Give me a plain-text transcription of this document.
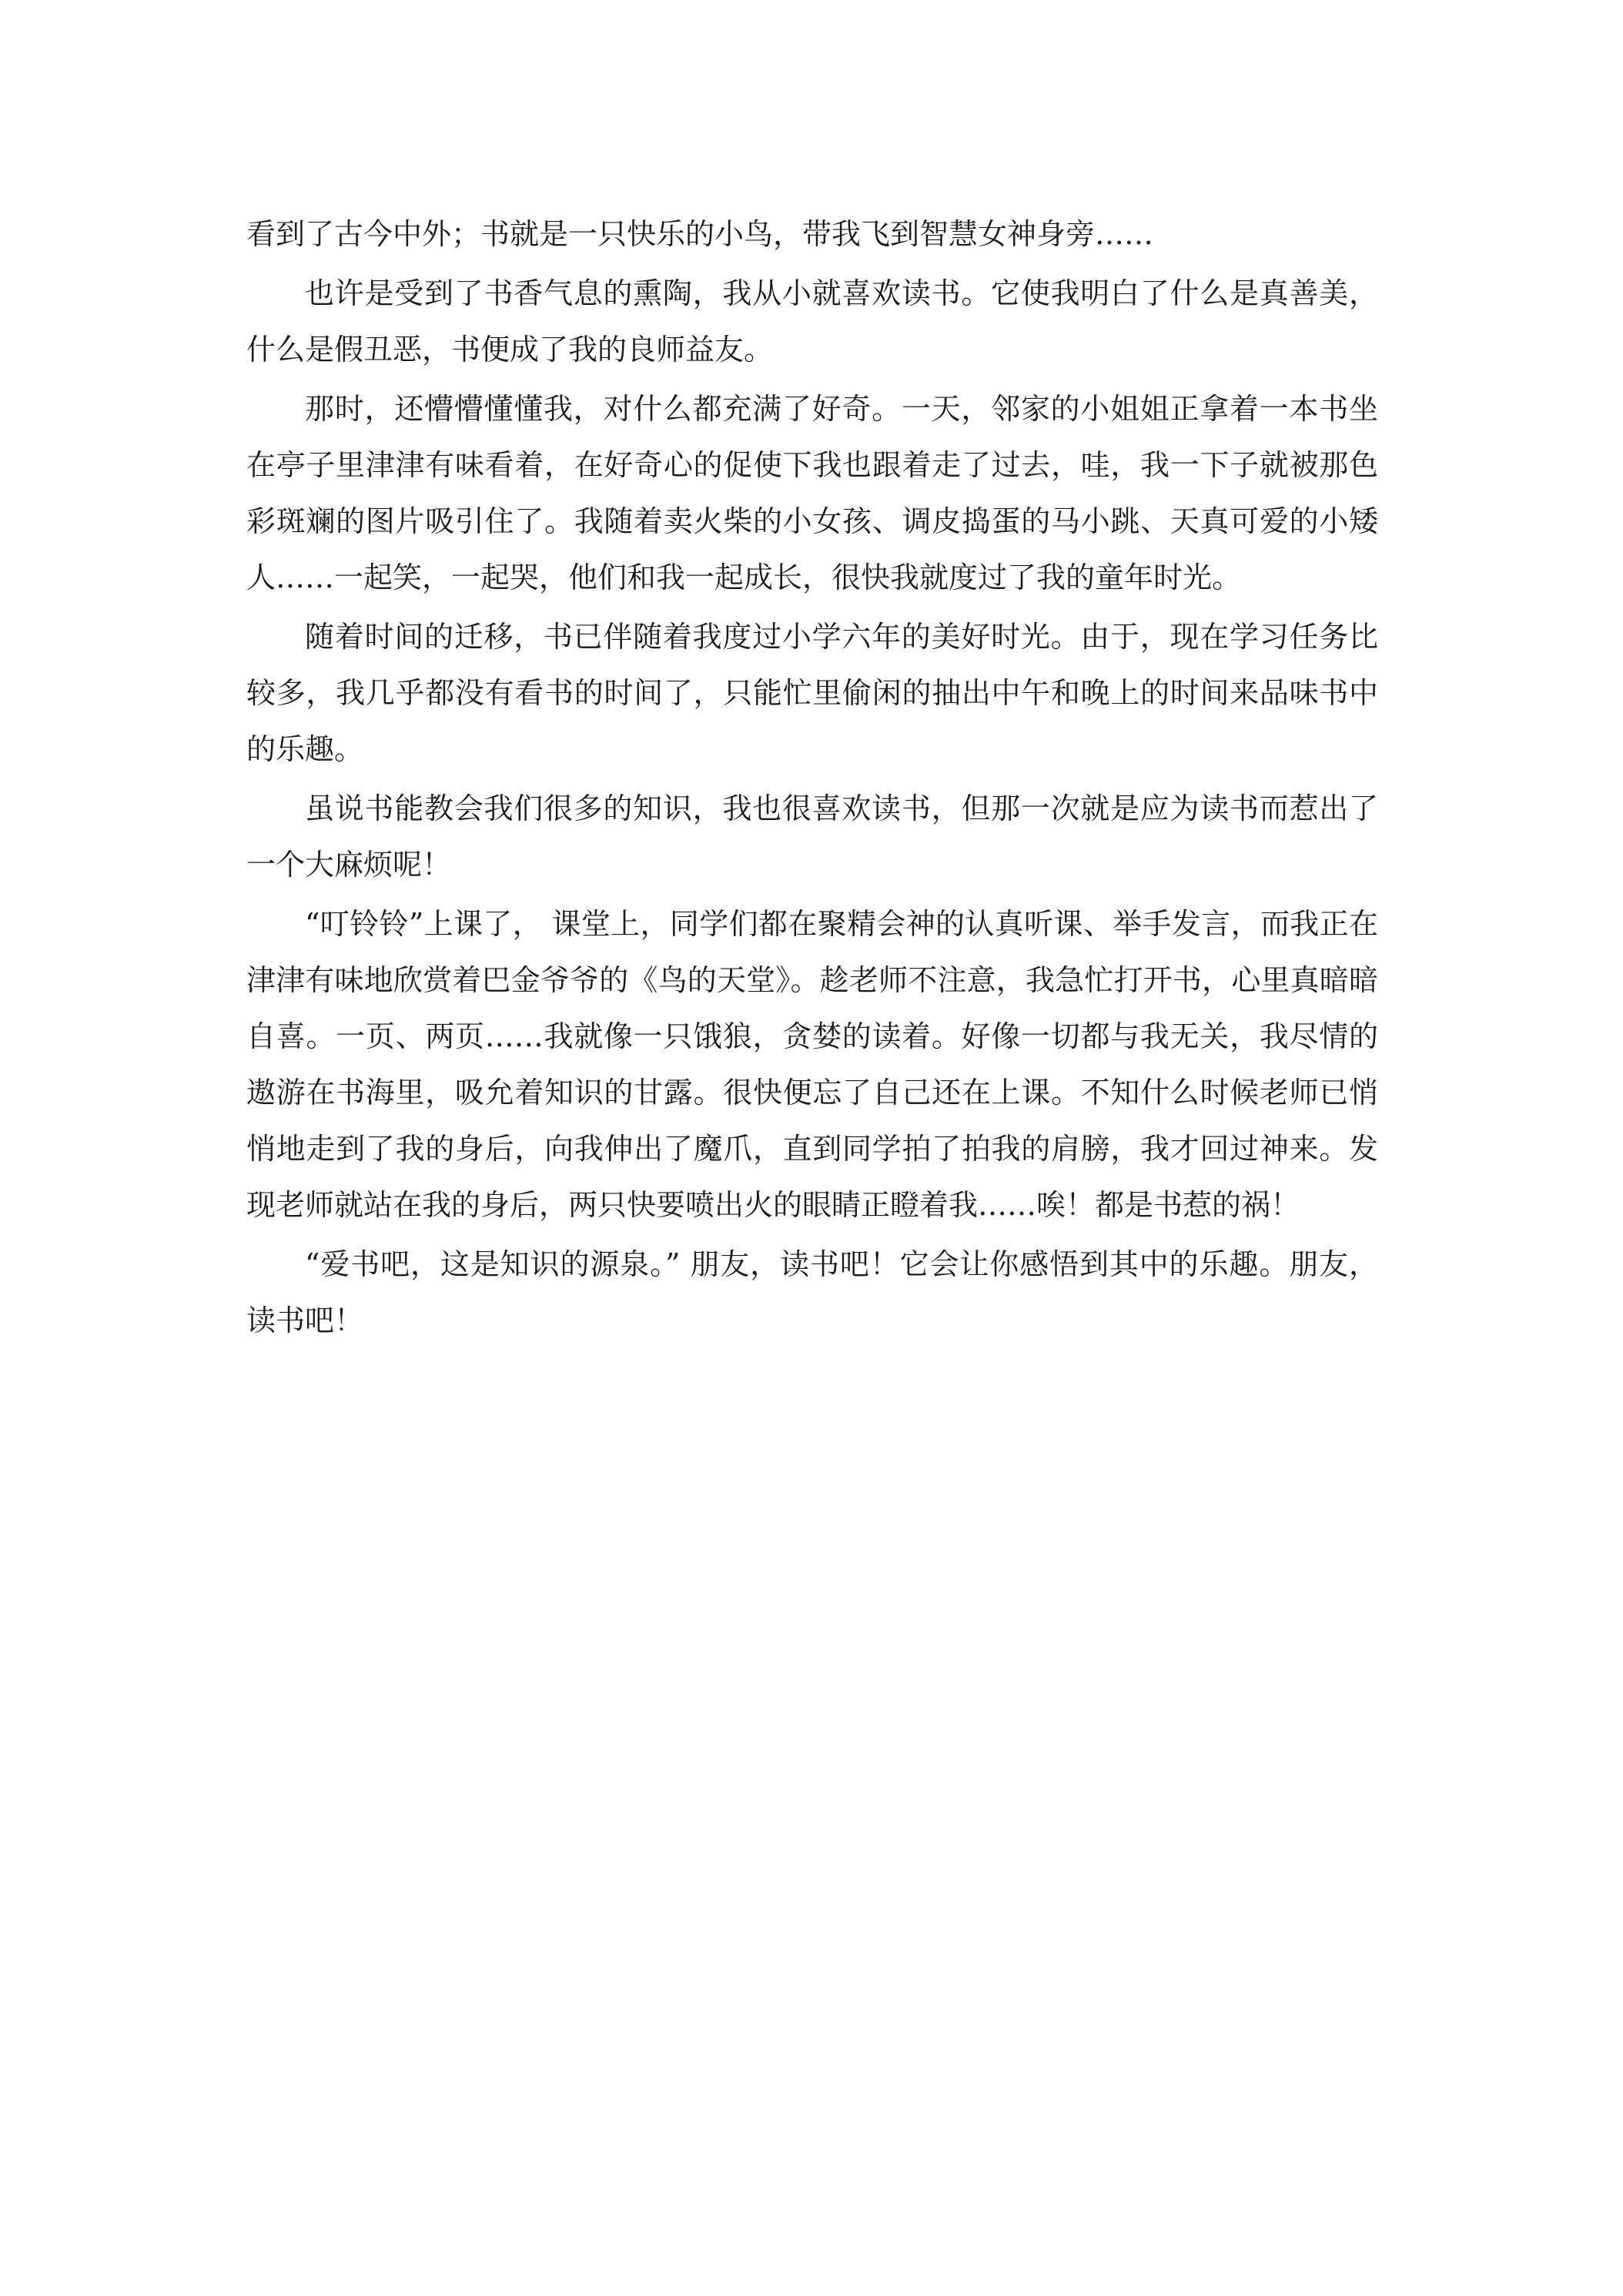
看到了古今中外；书就是一只快乐的小鸟，带我飞到智慧女神身旁……

也许是受到了书香气息的熏陶，我从小就喜欢读书。它使我明白了什么是真善美，什么是假丑恶，书便成了我的良师益友。

那时，还懵懵懂懂我，对什么都充满了好奇。一天，邻家的小姐姐正拿着一本书坐在亭子里津津有味看着，在好奇心的促使下我也跟着走了过去，哇，我一下子就被那色彩斑斓的图片吸引住了。我随着卖火柴的小女孩、调皮捣蛋的马小跳、天真可爱的小矮人……一起笑，一起哭，他们和我一起成长，很快我就度过了我的童年时光。

随着时间的迁移，书已伴随着我度过小学六年的美好时光。由于，现在学习任务比较多，我几乎都没有看书的时间了，只能忙里偷闲的抽出中午和晚上的时间来品味书中的乐趣。

虽说书能教会我们很多的知识，我也很喜欢读书，但那一次就是应为读书而惹出了一个大麻烦呢！

“叮铃铃”上课了， 课堂上，同学们都在聚精会神的认真听课、举手发言，而我正在津津有味地欣赏着巴金爷爷的《鸟的天堂》。趁老师不注意，我急忙打开书，心里真暗暗自喜。一页、两页……我就像一只饿狼，贪婪的读着。好像一切都与我无关，我尽情的遨游在书海里，吸允着知识的甘露。很快便忘了自己还在上课。不知什么时候老师已悄悄地走到了我的身后，向我伸出了魔爪，直到同学拍了拍我的肩膀，我才回过神来。发现老师就站在我的身后，两只快要喷出火的眼睛正瞪着我……唉！都是书惹的祸！

“爱书吧，这是知识的源泉。” 朋友，读书吧！它会让你感悟到其中的乐趣。朋友，读书吧！
